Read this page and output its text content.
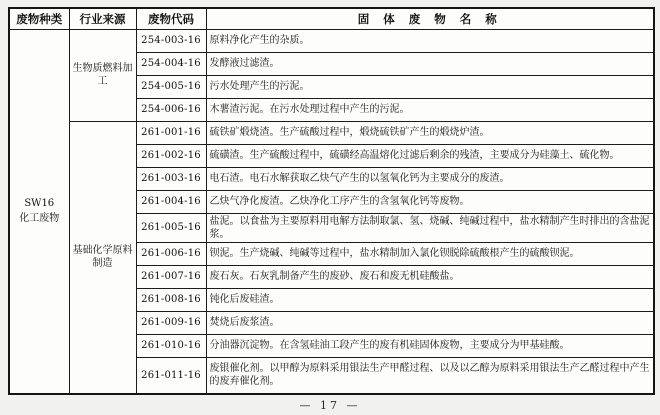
废物种类	行业来源	废物代码	固 体 废 物 名 称

SW16
化工废物	生物质燃料加工	254-003-16	原料净化产生的杂质。
		254-004-16	发酵液过滤渣。
		254-005-16	污水处理产生的污泥。
		254-006-16	木薯渣污泥。在污水处理过程中产生的污泥。
	基础化学原料制造	261-001-16	硫铁矿煅烧渣。生产硫酸过程中，煅烧硫铁矿产生的煅烧炉渣。
		261-002-16	硫磺渣。生产硫酸过程中，硫磺经高温熔化过滤后剩余的残渣，主要成分为硅藻土、硫化物。
		261-003-16	电石渣。电石水解获取乙炔气产生的以氢氧化钙为主要成分的废渣。
		261-004-16	乙炔气净化废渣。乙炔净化工序产生的含氢氧化钙等废物。
		261-005-16	盐泥。以食盐为主要原料用电解方法制取氯、氢、烧碱、纯碱过程中，盐水精制产生时排出的含盐泥浆。
		261-006-16	钡泥。生产烧碱、纯碱等过程中，盐水精制加入氯化钡脱除硫酸根产生的硫酸钡泥。
		261-007-16	废石灰。石灰乳制备产生的废砂、废石和废无机硅酸盐。
		261-008-16	钝化后废硅渣。
		261-009-16	焚烧后废浆渣。
		261-010-16	分油器沉淀物。在含氢硅油工段产生的废有机硅固体废物，主要成分为甲基硅酸。
		261-011-16	废银催化剂。以甲醇为原料采用银法生产甲醛过程、以及以乙醇为原料采用银法生产乙醛过程中产生的废弃催化剂。
— 17 —
